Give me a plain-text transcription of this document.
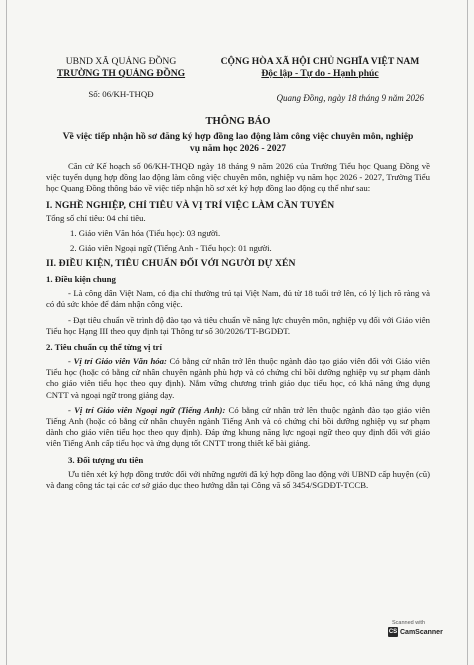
UBND XÃ QUẢNG ĐỒNG
TRƯỜNG TH QUẢNG ĐỒNG
Số: 06/KH-THQĐ
CỘNG HÒA XÃ HỘI CHỦ NGHĨA VIỆT NAM
Độc lập - Tự do - Hạnh phúc
Quang Đồng, ngày 18 tháng 9 năm 2026
THÔNG BÁO
Về việc tiếp nhận hồ sơ đăng ký hợp đồng lao động làm công việc chuyên môn, nghiệp vụ năm học 2026 - 2027

Căn cứ Kế hoạch số 06/KH-THQĐ ngày 18 tháng 9 năm 2026 của Trường Tiểu học Quang Đồng về việc tuyển dụng hợp đồng lao động làm công việc chuyên môn, nghiệp vụ năm học 2026 - 2027, Trường Tiểu học Quang Đồng thông báo về việc tiếp nhận hồ sơ xét ký hợp đồng lao động cụ thể như sau:

I. NGHỀ NGHIỆP, CHỈ TIÊU VÀ VỊ TRÍ VIỆC LÀM CẦN TUYỂN

Tổng số chỉ tiêu: 04 chỉ tiêu.

1. Giáo viên Văn hóa (Tiểu học): 03 người.
2. Giáo viên Ngoại ngữ (Tiếng Anh - Tiểu học): 01 người.
II. ĐIỀU KIỆN, TIÊU CHUẨN ĐỐI VỚI NGƯỜI DỰ XÉN
1. Điều kiện chung

- Là công dân Việt Nam, có địa chỉ thường trú tại Việt Nam, đủ từ 18 tuổi trở lên, có lý lịch rõ ràng và có đủ sức khỏe để đảm nhận công việc.

- Đạt tiêu chuẩn về trình độ đào tạo và tiêu chuẩn về năng lực chuyên môn, nghiệp vụ đối với Giáo viên Tiểu học Hạng III theo quy định tại Thông tư số 30/2026/TT-BGDĐT.

2. Tiêu chuẩn cụ thể từng vị trí

- Vị trí Giáo viên Văn hóa: Có bằng cử nhân trở lên thuộc ngành đào tạo giáo viên đối với Giáo viên Tiểu học (hoặc có bằng cử nhân chuyên ngành phù hợp và có chứng chỉ bồi dưỡng nghiệp vụ sư phạm dành cho giáo viên tiểu học theo quy định). Nắm vững chương trình giáo dục tiểu học, có khả năng ứng dụng CNTT và ngoại ngữ trong giảng dạy.

- Vị trí Giáo viên Ngoại ngữ (Tiếng Anh): Có bằng cử nhân trở lên thuộc ngành đào tạo giáo viên Tiếng Anh (hoặc có bằng cử nhân chuyên ngành Tiếng Anh và có chứng chỉ bồi dưỡng nghiệp vụ sư phạm dành cho giáo viên tiểu học theo quy định). Đáp ứng khung năng lực ngoại ngữ theo quy định đối với giáo viên Tiếng Anh cấp tiểu học và ứng dụng tốt CNTT trong thiết kế bài giảng.

3. Đối tượng ưu tiên

Ưu tiên xét ký hợp đồng trước đối với những người đã ký hợp đồng lao động với UBND cấp huyện (cũ) và đang công tác tại các cơ sở giáo dục theo hướng dẫn tại Công vă số 3454/SGDĐT-TCCB.

Scanned with
CS CamScanner
